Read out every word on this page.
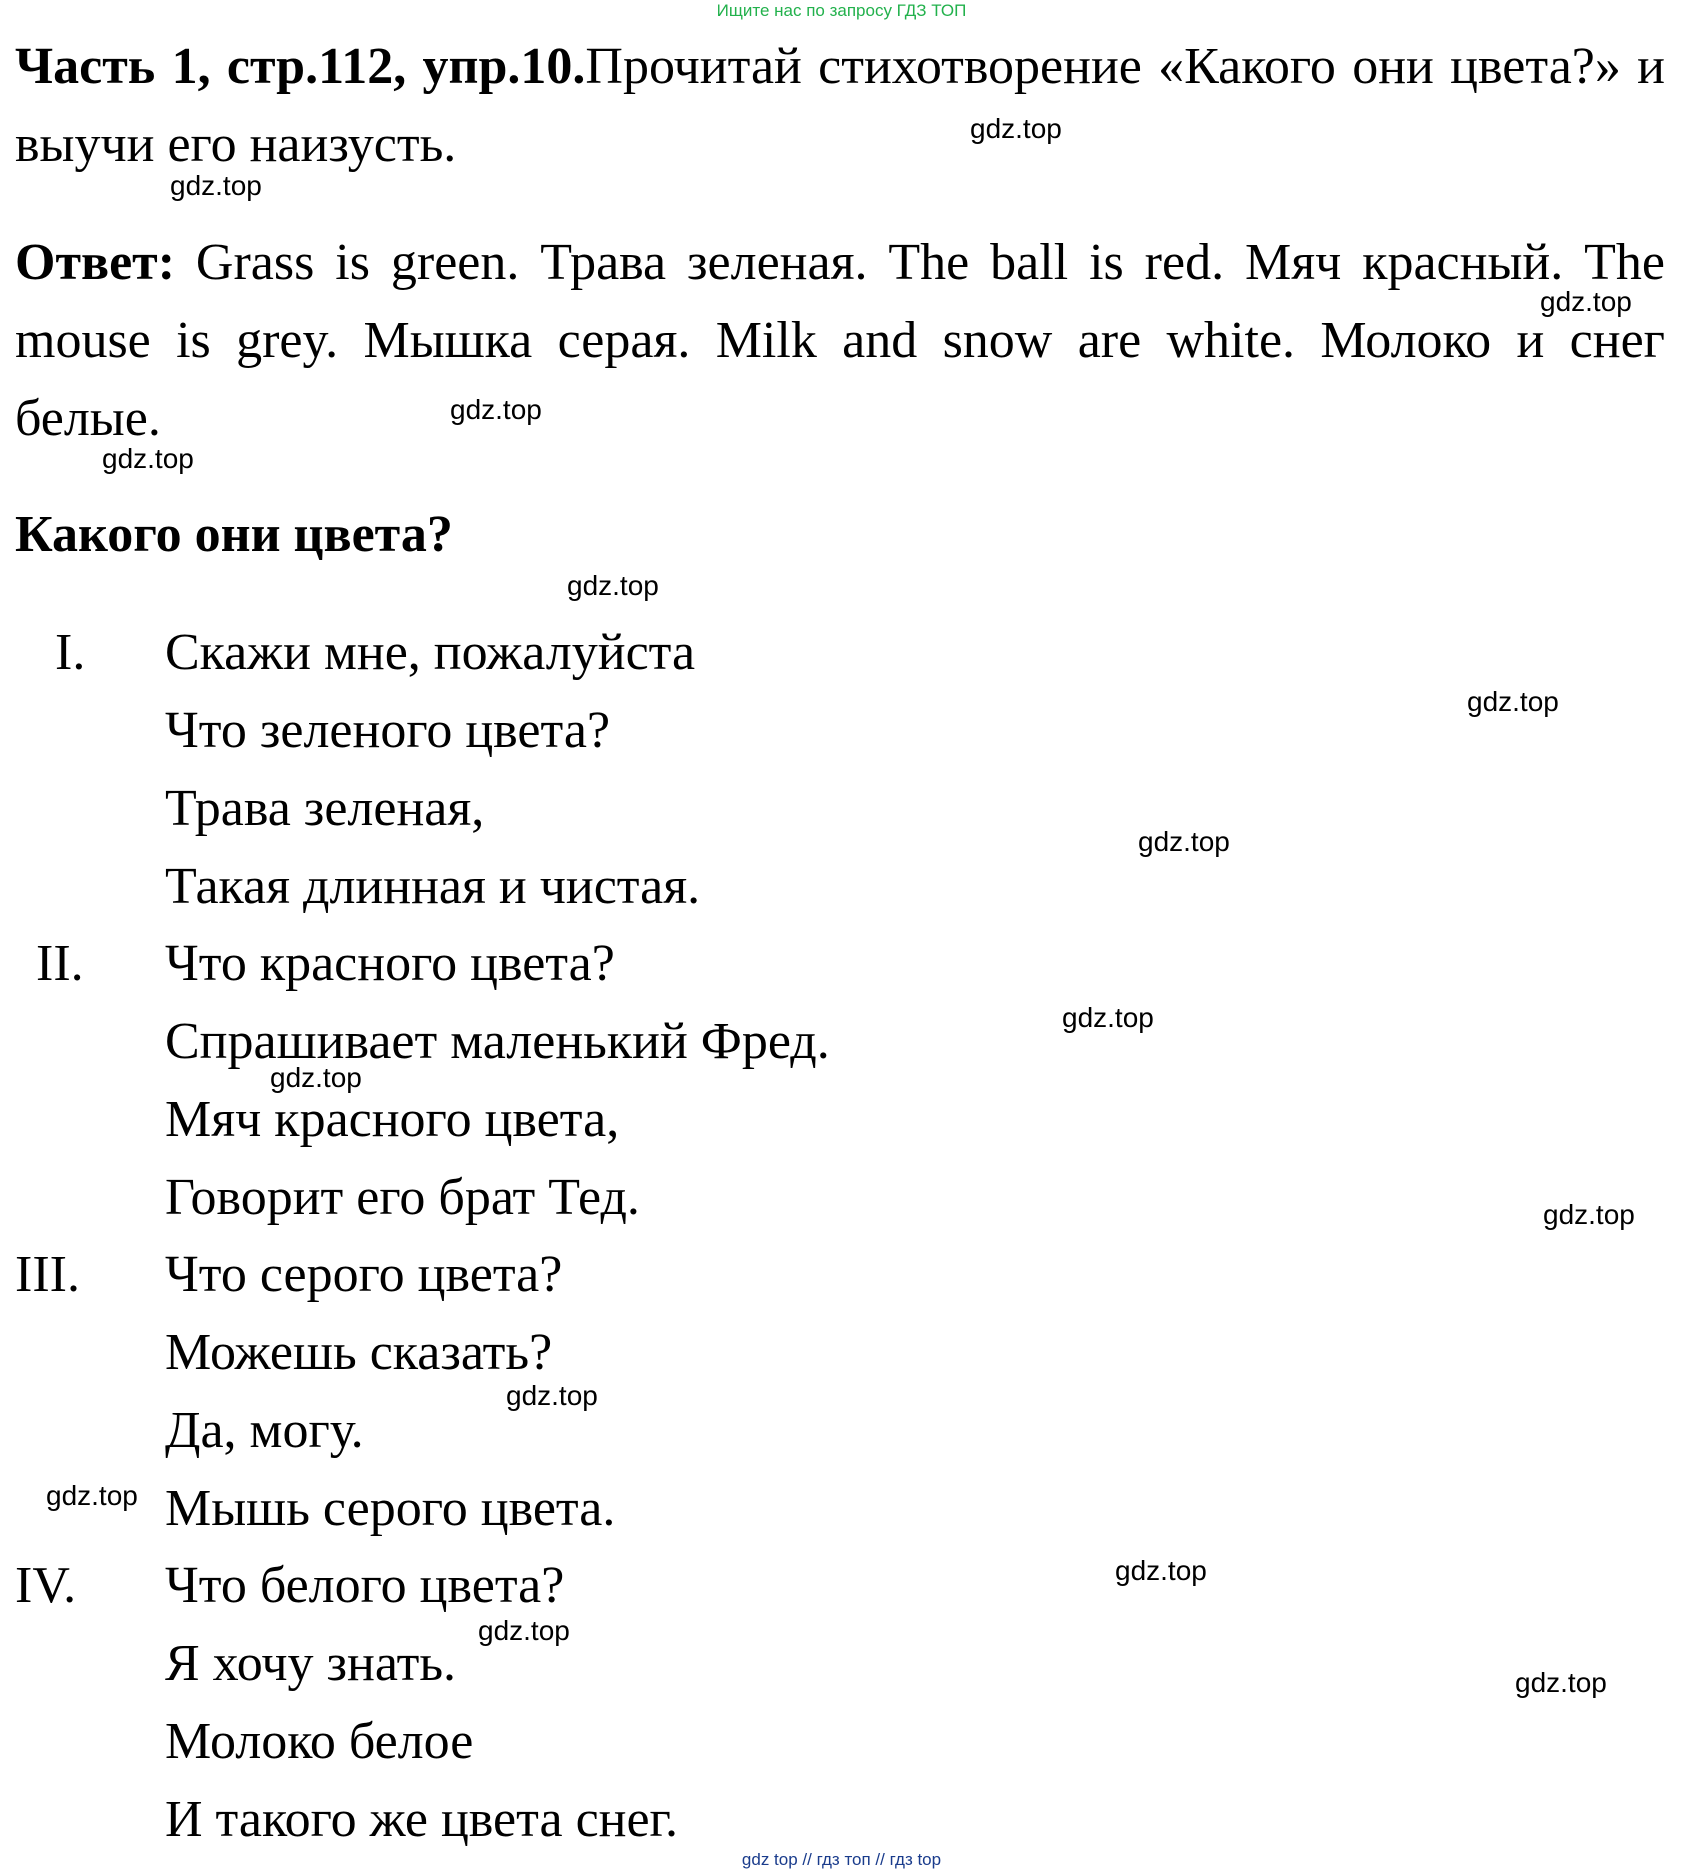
Ищите нас по запросу ГДЗ ТОП
Часть 1, стр.112, упр.10.Прочитай стихотворение «Какого они цвета?» и выучи его наизусть.
Ответ: Grass is green. Трава зеленая. The ball is red. Мяч красный. The mouse is grey. Мышка серая. Milk and snow are white. Молоко и снег белые.
Какого они цвета?
I. Скажи мне, пожалуйста
Что зеленого цвета?
Трава зеленая,
Такая длинная и чистая.
II. Что красного цвета?
Спрашивает маленький Фред.
Мяч красного цвета,
Говорит его брат Тед.
III. Что серого цвета?
Можешь сказать?
Да, могу.
Мышь серого цвета.
IV. Что белого цвета?
Я хочу знать.
Молоко белое
И такого же цвета снег.
gdz.top
gdz.top
gdz.top
gdz.top
gdz.top
gdz.top
gdz.top
gdz.top
gdz.top
gdz.top
gdz.top
gdz.top
gdz.top
gdz.top
gdz.top
gdz.top
gdz top // гдз топ // гдз top
